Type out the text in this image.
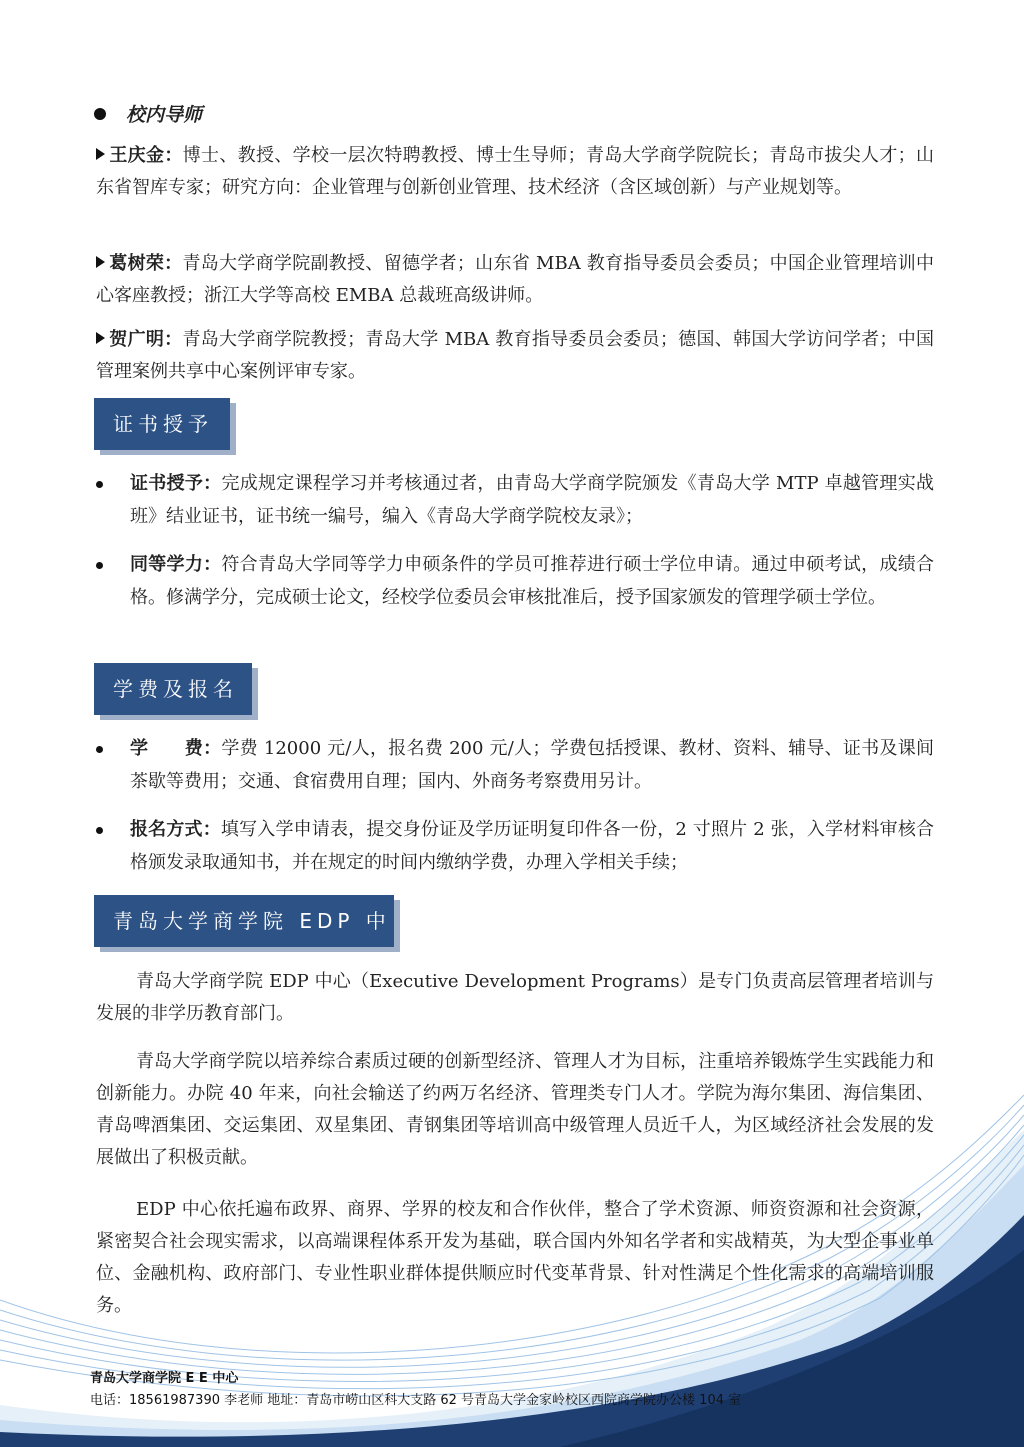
校内导师
王庆金：博士、教授、学校一层次特聘教授、博士生导师；青岛大学商学院院长；青岛市拔尖人才；山东省智库专家；研究方向：企业管理与创新创业管理、技术经济（含区域创新）与产业规划等。
葛树荣：青岛大学商学院副教授、留德学者；山东省 MBA 教育指导委员会委员；中国企业管理培训中心客座教授；浙江大学等高校 EMBA 总裁班高级讲师。
贺广明：青岛大学商学院教授；青岛大学 MBA 教育指导委员会委员；德国、韩国大学访问学者；中国管理案例共享中心案例评审专家。
证书授予
证书授予：完成规定课程学习并考核通过者，由青岛大学商学院颁发《青岛大学 MTP 卓越管理实战班》结业证书，证书统一编号，编入《青岛大学商学院校友录》；
同等学力：符合青岛大学同等学力申硕条件的学员可推荐进行硕士学位申请。通过申硕考试，成绩合格。修满学分，完成硕士论文，经校学位委员会审核批准后，授予国家颁发的管理学硕士学位。
学费及报名
学　　费：学费 12000 元/人，报名费 200 元/人；学费包括授课、教材、资料、辅导、证书及课间茶歇等费用；交通、食宿费用自理；国内、外商务考察费用另计。
报名方式：填写入学申请表，提交身份证及学历证明复印件各一份，2 寸照片 2 张，入学材料审核合格颁发录取通知书，并在规定的时间内缴纳学费，办理入学相关手续；
青岛大学商学院 EDP 中心
青岛大学商学院 EDP 中心（Executive Development Programs）是专门负责高层管理者培训与发展的非学历教育部门。
青岛大学商学院以培养综合素质过硬的创新型经济、管理人才为目标，注重培养锻炼学生实践能力和创新能力。办院 40 年来，向社会输送了约两万名经济、管理类专门人才。学院为海尔集团、海信集团、青岛啤酒集团、交运集团、双星集团、青钢集团等培训高中级管理人员近千人，为区域经济社会发展的发展做出了积极贡献。
EDP 中心依托遍布政界、商界、学界的校友和合作伙伴，整合了学术资源、师资资源和社会资源，紧密契合社会现实需求，以高端课程体系开发为基础，联合国内外知名学者和实战精英，为大型企事业单位、金融机构、政府部门、专业性职业群体提供顺应时代变革背景、针对性满足个性化需求的高端培训服务。
青岛大学商学院 E E 中心
电话：18561987390 李老师 地址：青岛市崂山区科大支路 62 号青岛大学金家岭校区西院商学院办公楼 104 室
